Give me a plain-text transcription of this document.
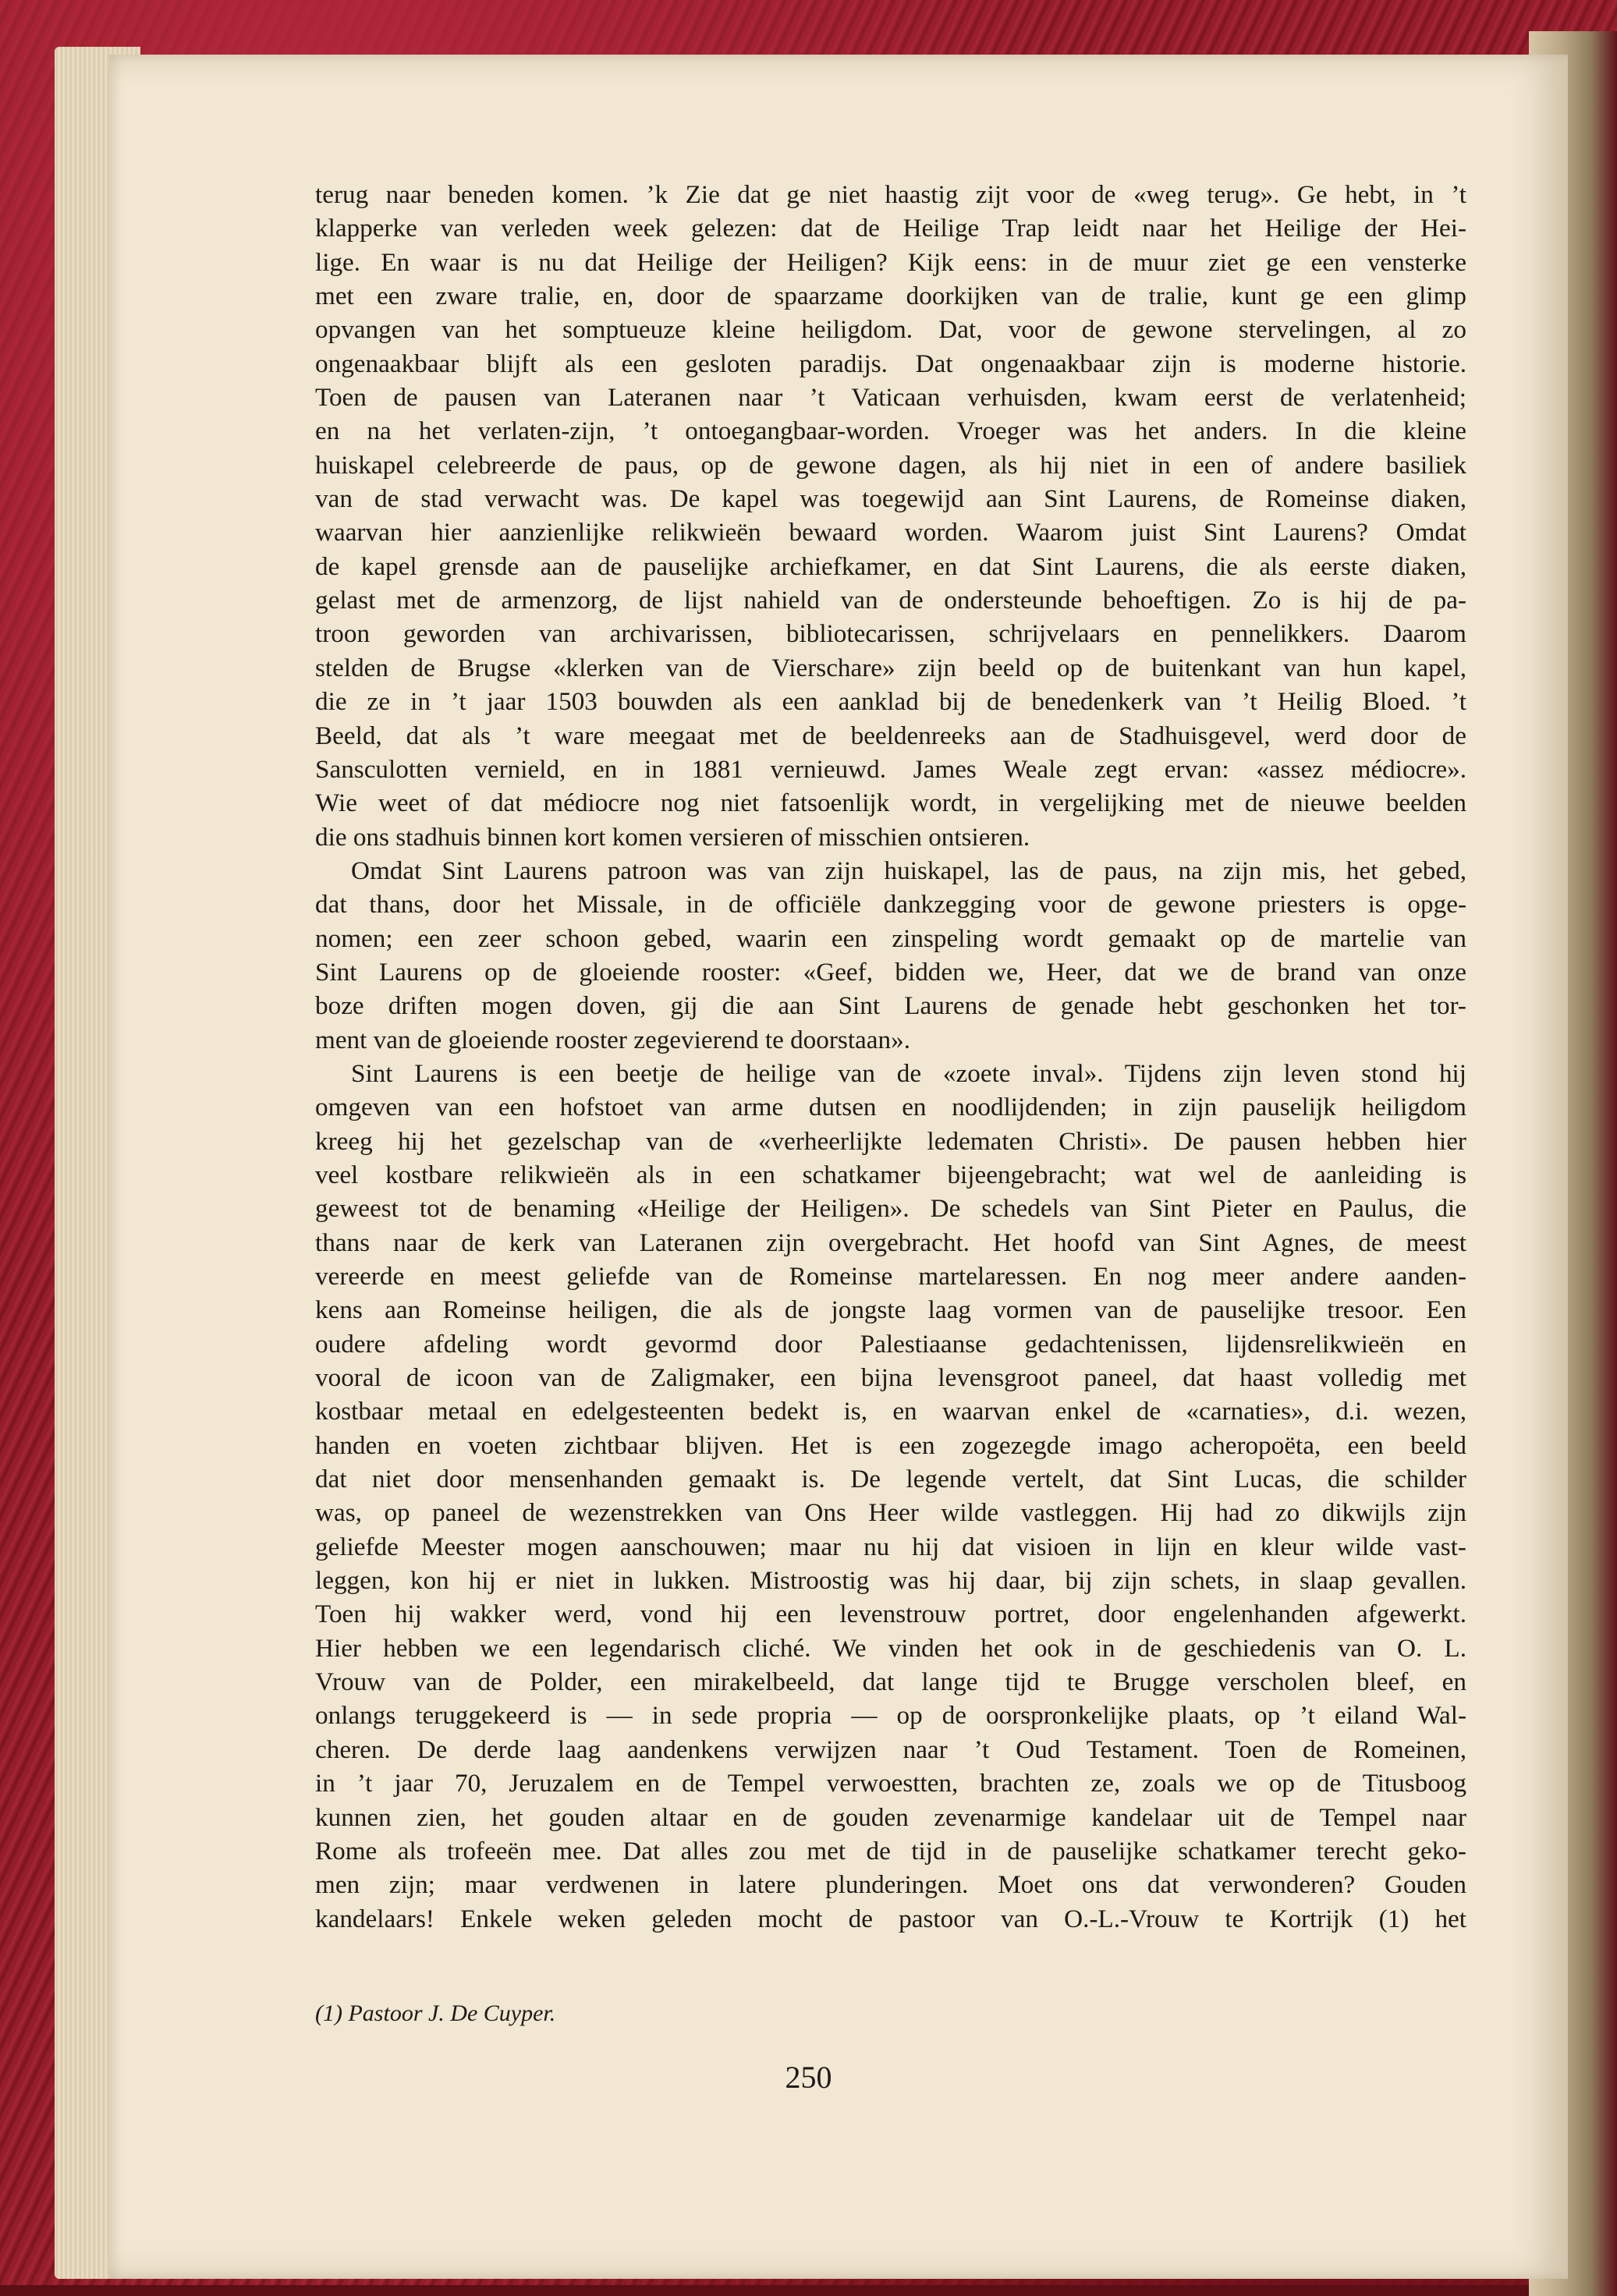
terug naar beneden komen. ’k Zie dat ge niet haastig zijt voor de «weg terug». Ge hebt, in ’t
klapperke van verleden week gelezen: dat de Heilige Trap leidt naar het Heilige der Hei-
lige. En waar is nu dat Heilige der Heiligen? Kijk eens: in de muur ziet ge een vensterke
met een zware tralie, en, door de spaarzame doorkijken van de tralie, kunt ge een glimp
opvangen van het somptueuze kleine heiligdom. Dat, voor de gewone stervelingen, al zo
ongenaakbaar blijft als een gesloten paradijs. Dat ongenaakbaar zijn is moderne historie.
Toen de pausen van Lateranen naar ’t Vaticaan verhuisden, kwam eerst de verlatenheid;
en na het verlaten-zijn, ’t ontoegangbaar-worden. Vroeger was het anders. In die kleine
huiskapel celebreerde de paus, op de gewone dagen, als hij niet in een of andere basiliek
van de stad verwacht was. De kapel was toegewijd aan Sint Laurens, de Romeinse diaken,
waarvan hier aanzienlijke relikwieën bewaard worden. Waarom juist Sint Laurens? Omdat
de kapel grensde aan de pauselijke archiefkamer, en dat Sint Laurens, die als eerste diaken,
gelast met de armenzorg, de lijst nahield van de ondersteunde behoeftigen. Zo is hij de pa-
troon geworden van archivarissen, bibliotecarissen, schrijvelaars en pennelikkers. Daarom
stelden de Brugse «klerken van de Vierschare» zijn beeld op de buitenkant van hun kapel,
die ze in ’t jaar 1503 bouwden als een aanklad bij de benedenkerk van ’t Heilig Bloed. ’t
Beeld, dat als ’t ware meegaat met de beeldenreeks aan de Stadhuisgevel, werd door de
Sansculotten vernield, en in 1881 vernieuwd. James Weale zegt ervan: «assez médiocre».
Wie weet of dat médiocre nog niet fatsoenlijk wordt, in vergelijking met de nieuwe beelden
die ons stadhuis binnen kort komen versieren of misschien ontsieren.
Omdat Sint Laurens patroon was van zijn huiskapel, las de paus, na zijn mis, het gebed,
dat thans, door het Missale, in de officiële dankzegging voor de gewone priesters is opge-
nomen; een zeer schoon gebed, waarin een zinspeling wordt gemaakt op de martelie van
Sint Laurens op de gloeiende rooster: «Geef, bidden we, Heer, dat we de brand van onze
boze driften mogen doven, gij die aan Sint Laurens de genade hebt geschonken het tor-
ment van de gloeiende rooster zegevierend te doorstaan».
Sint Laurens is een beetje de heilige van de «zoete inval». Tijdens zijn leven stond hij
omgeven van een hofstoet van arme dutsen en noodlijdenden; in zijn pauselijk heiligdom
kreeg hij het gezelschap van de «verheerlijkte ledematen Christi». De pausen hebben hier
veel kostbare relikwieën als in een schatkamer bijeengebracht; wat wel de aanleiding is
geweest tot de benaming «Heilige der Heiligen». De schedels van Sint Pieter en Paulus, die
thans naar de kerk van Lateranen zijn overgebracht. Het hoofd van Sint Agnes, de meest
vereerde en meest geliefde van de Romeinse martelaressen. En nog meer andere aanden-
kens aan Romeinse heiligen, die als de jongste laag vormen van de pauselijke tresoor. Een
oudere afdeling wordt gevormd door Palestiaanse gedachtenissen, lijdensrelikwieën en
vooral de icoon van de Zaligmaker, een bijna levensgroot paneel, dat haast volledig met
kostbaar metaal en edelgesteenten bedekt is, en waarvan enkel de «carnaties», d.i. wezen,
handen en voeten zichtbaar blijven. Het is een zogezegde imago acheropoëta, een beeld
dat niet door mensenhanden gemaakt is. De legende vertelt, dat Sint Lucas, die schilder
was, op paneel de wezenstrekken van Ons Heer wilde vastleggen. Hij had zo dikwijls zijn
geliefde Meester mogen aanschouwen; maar nu hij dat visioen in lijn en kleur wilde vast-
leggen, kon hij er niet in lukken. Mistroostig was hij daar, bij zijn schets, in slaap gevallen.
Toen hij wakker werd, vond hij een levenstrouw portret, door engelenhanden afgewerkt.
Hier hebben we een legendarisch cliché. We vinden het ook in de geschiedenis van O. L.
Vrouw van de Polder, een mirakelbeeld, dat lange tijd te Brugge verscholen bleef, en
onlangs teruggekeerd is — in sede propria — op de oorspronkelijke plaats, op ’t eiland Wal-
cheren. De derde laag aandenkens verwijzen naar ’t Oud Testament. Toen de Romeinen,
in ’t jaar 70, Jeruzalem en de Tempel verwoestten, brachten ze, zoals we op de Titusboog
kunnen zien, het gouden altaar en de gouden zevenarmige kandelaar uit de Tempel naar
Rome als trofeeën mee. Dat alles zou met de tijd in de pauselijke schatkamer terecht geko-
men zijn; maar verdwenen in latere plunderingen. Moet ons dat verwonderen? Gouden
kandelaars! Enkele weken geleden mocht de pastoor van O.-L.-Vrouw te Kortrijk (1) het
(1) Pastoor J. De Cuyper.
250
